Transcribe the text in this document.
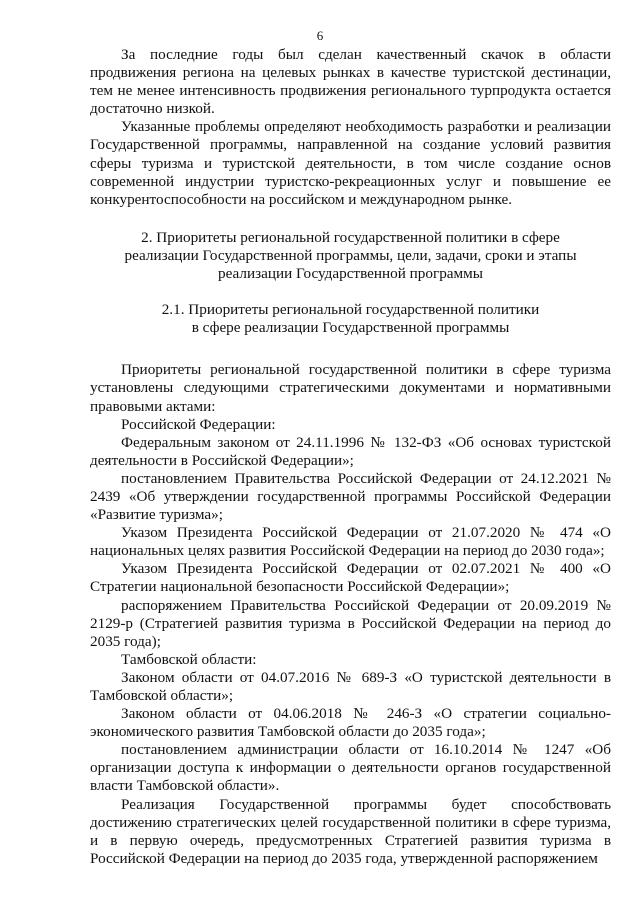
6

За последние годы был сделан качественный скачок в области продвижения региона на целевых рынках в качестве туристской дестинации, тем не менее интенсивность продвижения регионального турпродукта остается достаточно низкой.

Указанные проблемы определяют необходимость разработки и реализации Государственной программы, направленной на создание условий развития сферы туризма и туристской деятельности, в том числе создание основ современной индустрии туристско-рекреационных услуг и повышение ее конкурентоспособности на российском и международном рынке.

2. Приоритеты региональной государственной политики в сфере

реализации Государственной программы, цели, задачи, сроки и этапы

реализации Государственной программы

2.1. Приоритеты региональной государственной политики

в сфере реализации Государственной программы

Приоритеты региональной государственной политики в сфере туризма установлены следующими стратегическими документами и нормативными правовыми актами:

Российской Федерации:

Федеральным законом от 24.11.1996 № 132-ФЗ «Об основах туристской деятельности в Российской Федерации»;

постановлением Правительства Российской Федерации от 24.12.2021 № 2439 «Об утверждении государственной программы Российской Федерации «Развитие туризма»;

Указом Президента Российской Федерации от 21.07.2020 № 474 «О национальных целях развития Российской Федерации на период до 2030 года»;

Указом Президента Российской Федерации от 02.07.2021 № 400 «О Стратегии национальной безопасности Российской Федерации»;

распоряжением Правительства Российской Федерации от 20.09.2019 № 2129-р (Стратегией развития туризма в Российской Федерации на период до 2035 года);

Тамбовской области:

Законом области от 04.07.2016 № 689-З «О туристской деятельности в Тамбовской области»;

Законом области от 04.06.2018 № 246-З «О стратегии социально-экономического развития Тамбовской области до 2035 года»;

постановлением администрации области от 16.10.2014 № 1247 «Об организации доступа к информации о деятельности органов государственной власти Тамбовской области».

Реализация Государственной программы будет способствовать достижению стратегических целей государственной политики в сфере туризма, и в первую очередь, предусмотренных Стратегией развития туризма в Российской Федерации на период до 2035 года, утвержденной распоряжением
